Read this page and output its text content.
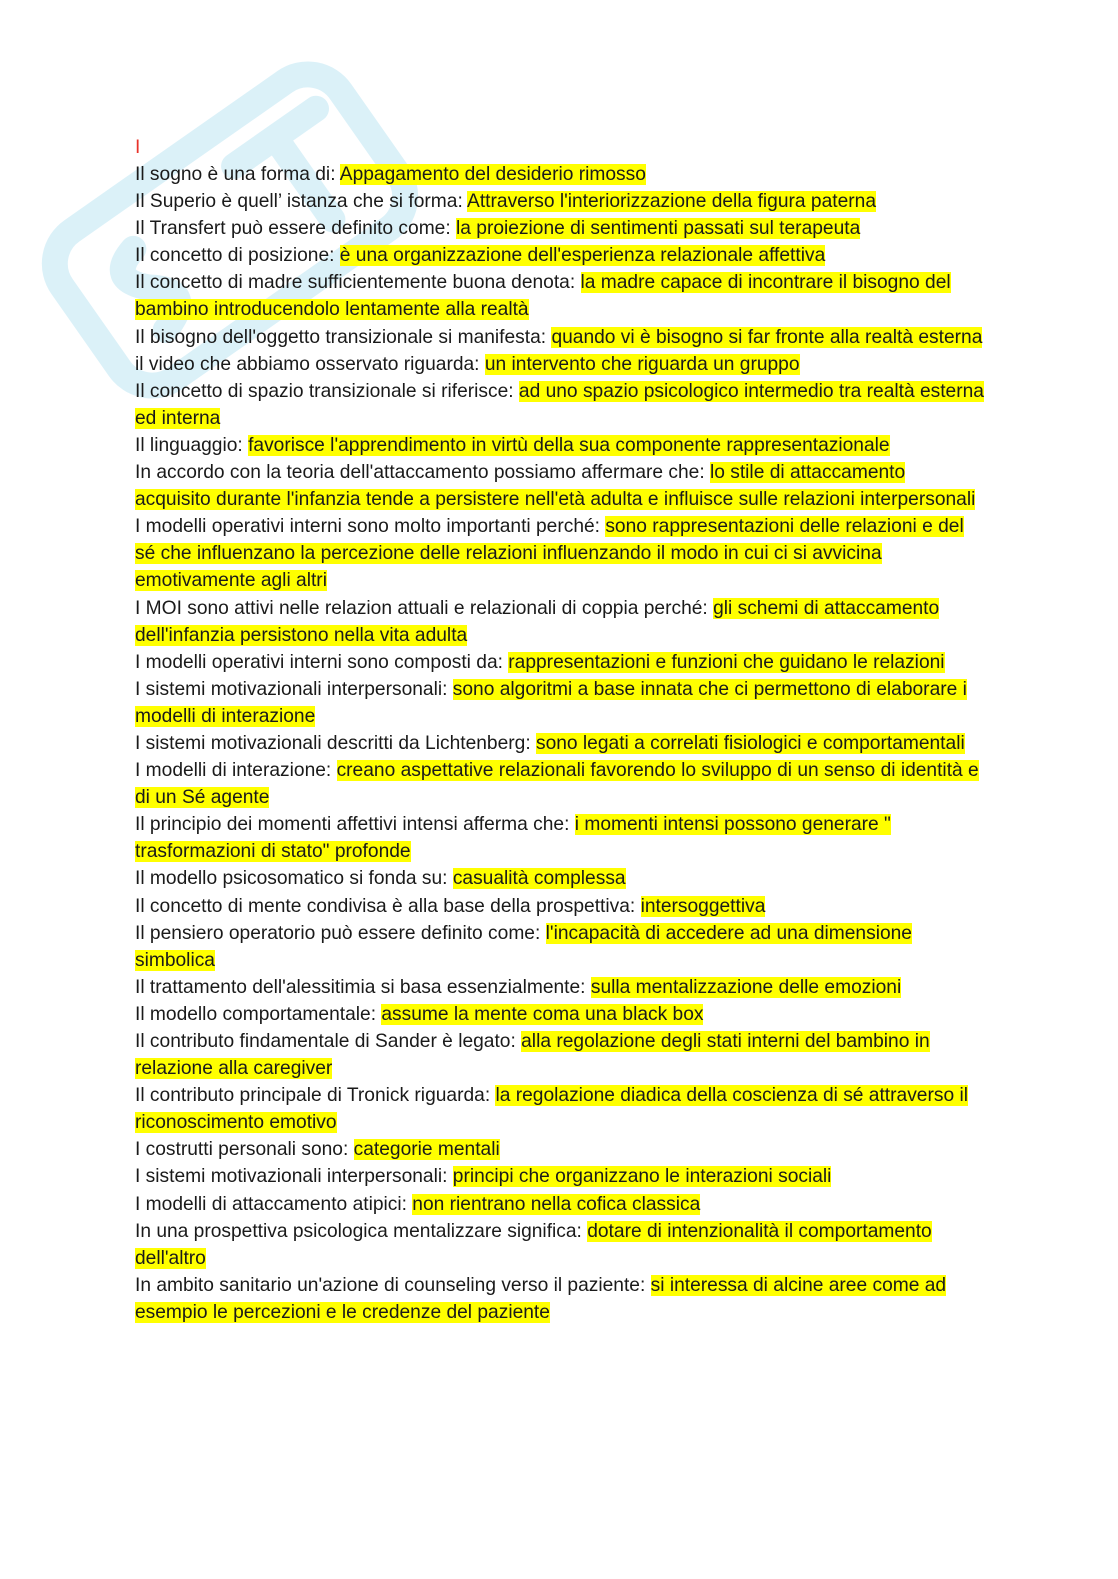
I

Il sogno è una forma di: Appagamento del desiderio rimosso

Il Superio è quell’ istanza che si forma: Attraverso l'interiorizzazione della figura paterna

Il Transfert può essere definito come: la proiezione di sentimenti passati sul terapeuta

Il concetto di posizione: è una organizzazione dell'esperienza relazionale affettiva

Il concetto di madre sufficientemente buona denota: la madre capace di incontrare il bisogno del bambino introducendolo lentamente alla realtà

Il bisogno dell'oggetto transizionale si manifesta: quando vi è bisogno si far fronte alla realtà esterna

il video che abbiamo osservato riguarda: un intervento che riguarda un gruppo

Il concetto di spazio transizionale si riferisce: ad uno spazio psicologico intermedio tra realtà esterna ed interna

Il linguaggio: favorisce l'apprendimento in virtù della sua componente rappresentazionale

In accordo con la teoria dell'attaccamento possiamo affermare che: lo stile di attaccamento acquisito durante l'infanzia tende a persistere nell'età adulta e influisce sulle relazioni interpersonali

I modelli operativi interni sono molto importanti perché: sono rappresentazioni delle relazioni e del sé che influenzano la percezione delle relazioni influenzando il modo in cui ci si avvicina emotivamente agli altri

I MOI sono attivi nelle relazion attuali e relazionali di coppia perché: gli schemi di attaccamento dell'infanzia persistono nella vita adulta

I modelli operativi interni sono composti da: rappresentazioni e funzioni che guidano le relazioni

I sistemi motivazionali interpersonali: sono algoritmi a base innata che ci permettono di elaborare i modelli di interazione

I sistemi motivazionali descritti da Lichtenberg: sono legati a correlati fisiologici e comportamentali

I modelli di interazione: creano aspettative relazionali favorendo lo sviluppo di un senso di identità e di un Sé agente

Il principio dei momenti affettivi intensi afferma che: i momenti intensi possono generare " trasformazioni di stato" profonde

Il modello psicosomatico si fonda su: casualità complessa

Il concetto di mente condivisa è alla base della prospettiva: intersoggettiva

Il pensiero operatorio può essere definito come: l'incapacità di accedere ad una dimensione simbolica

Il trattamento dell'alessitimia si basa essenzialmente: sulla mentalizzazione delle emozioni

Il modello comportamentale: assume la mente coma una black box

Il contributo findamentale di Sander è legato: alla regolazione degli stati interni del bambino in relazione alla caregiver

Il contributo principale di Tronick riguarda: la regolazione diadica della coscienza di sé attraverso il riconoscimento emotivo

I costrutti personali sono: categorie mentali

I sistemi motivazionali interpersonali: principi che organizzano le interazioni sociali

I modelli di attaccamento atipici: non rientrano nella cofica classica

In una prospettiva psicologica mentalizzare significa: dotare di intenzionalità il comportamento dell'altro

In ambito sanitario un'azione di counseling verso il paziente: si interessa di alcine aree come ad esempio le percezioni e le credenze del paziente
